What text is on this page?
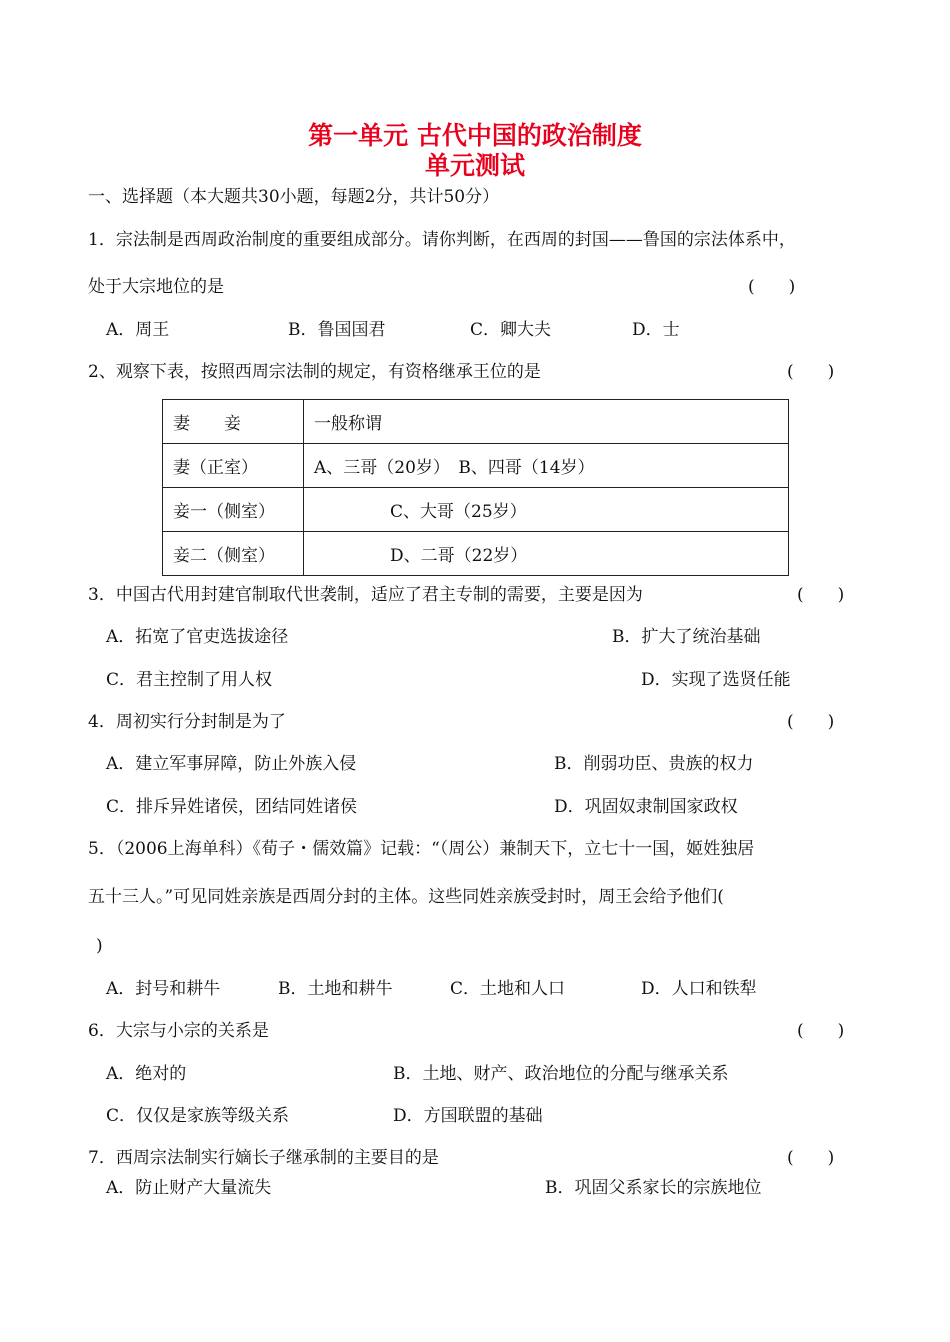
第一单元 古代中国的政治制度
单元测试
一、选择题（本大题共30小题，每题2分，共计50分）
1．宗法制是西周政治制度的重要组成部分。请你判断，在西周的封国——鲁国的宗法体系中，
处于大宗地位的是	(　　)
A．周王	B．鲁国国君	C．卿大夫	D．士
2、观察下表，按照西周宗法制的规定，有资格继承王位的是	(　　)
妻　　妾	一般称谓
妻（正室）	A、三哥（20岁）　B、四哥（14岁）
妾一（侧室）	C、大哥（25岁）
妾二（侧室）	D、二哥（22岁）
3．中国古代用封建官制取代世袭制，适应了君主专制的需要，主要是因为	(　　)
A．拓宽了官吏选拔途径	B．扩大了统治基础
C．君主控制了用人权	D．实现了选贤任能
4．周初实行分封制是为了	(　　)
A．建立军事屏障，防止外族入侵	B．削弱功臣、贵族的权力
C．排斥异姓诸侯，团结同姓诸侯	D．巩固奴隶制国家政权
5．（2006上海单科）《荀子・儒效篇》记载：“（周公）兼制天下，立七十一国，姬姓独居
五十三人。”可见同姓亲族是西周分封的主体。这些同姓亲族受封时，周王会给予他们(
)
A．封号和耕牛	B．土地和耕牛	C．土地和人口	D．人口和铁犁
6．大宗与小宗的关系是	(　　)
A．绝对的	B．土地、财产、政治地位的分配与继承关系
C．仅仅是家族等级关系	D．方国联盟的基础
7．西周宗法制实行嫡长子继承制的主要目的是	(　　)
A．防止财产大量流失	B．巩固父系家长的宗族地位
